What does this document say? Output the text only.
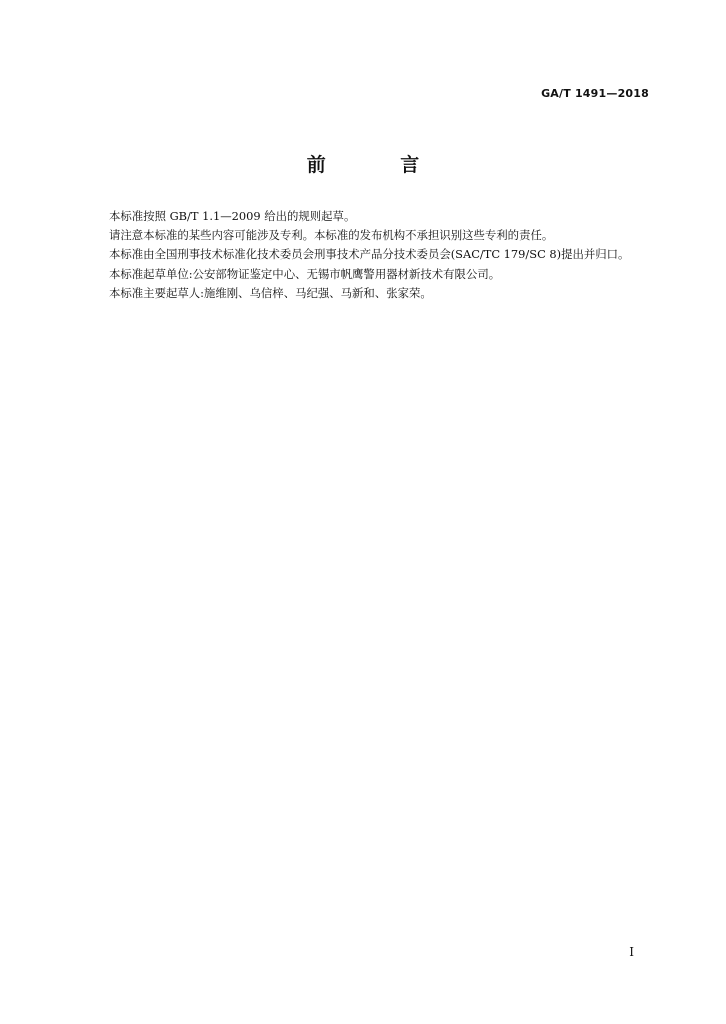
GA/T 1491—2018
前 言

本标准按照 GB/T 1.1—2009 给出的规则起草。

请注意本标准的某些内容可能涉及专利。本标准的发布机构不承担识别这些专利的责任。

本标准由全国刑事技术标准化技术委员会刑事技术产品分技术委员会(SAC/TC 179/SC 8)提出并归口。

本标准起草单位:公安部物证鉴定中心、无锡市帆鹰警用器材新技术有限公司。

本标准主要起草人:施维刚、乌信梓、马纪强、马新和、张家荣。

I
